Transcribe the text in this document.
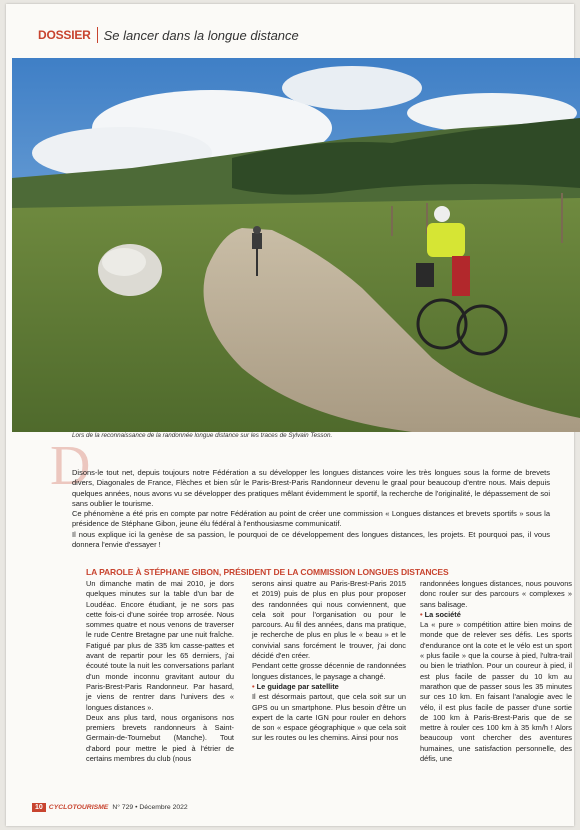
DOSSIER Se lancer dans la longue distance
Lors de la reconnaissance de la randonnée longue distance sur les traces de Sylvain Tesson.
D

Disons-le tout net, depuis toujours notre Fédération a su développer les longues distances voire les très longues sous la forme de brevets divers, Diagonales de France, Flèches et bien sûr le Paris-Brest-Paris Randonneur devenu le graal pour beaucoup d'entre nous. Mais depuis quelques années, nous avons vu se développer des pratiques mêlant évidemment le sportif, la recherche de l'originalité, le dépassement de soi sans oublier le tourisme.

Ce phénomène a été pris en compte par notre Fédération au point de créer une commission « Longues distances et brevets sportifs » sous la présidence de Stéphane Gibon, jeune élu fédéral à l'enthousiasme communicatif.

Il nous explique ici la genèse de sa passion, le pourquoi de ce développement des longues distances, les projets. Et pourquoi pas, il vous donnera l'envie d'essayer !

LA PAROLE À STÉPHANE GIBON, PRÉSIDENT DE LA COMMISSION LONGUES DISTANCES

Un dimanche matin de mai 2010, je dors quelques minutes sur la table d'un bar de Loudéac. Encore étudiant, je ne sors pas cette fois-ci d'une soirée trop arrosée. Nous sommes quatre et nous venons de traverser le rude Centre Bretagne par une nuit fraîche. Fatigué par plus de 335 km casse-pattes et avant de repartir pour les 65 derniers, j'ai écouté toute la nuit les conversations parlant d'un monde inconnu gravitant autour du Paris-Brest-Paris Randonneur. Par hasard, je viens de rentrer dans l'univers des « longues distances ».

Deux ans plus tard, nous organisons nos premiers brevets randonneurs à Saint-Germain-de-Tournebut (Manche). Tout d'abord pour mettre le pied à l'étrier de certains membres du club (nous

serons ainsi quatre au Paris-Brest-Paris 2015 et 2019) puis de plus en plus pour proposer des randonnées qui nous conviennent, que cela soit pour l'organisation ou pour le parcours. Au fil des années, dans ma pratique, je recherche de plus en plus le « beau » et le convivial sans forcément le trouver, j'ai donc décidé d'en créer.

Pendant cette grosse décennie de randonnées longues distances, le paysage a changé.

• Le guidage par satellite

Il est désormais partout, que cela soit sur un GPS ou un smartphone. Plus besoin d'être un expert de la carte IGN pour rouler en dehors de son « espace géographique » que cela soit sur les routes ou les chemins. Ainsi pour nos

randonnées longues distances, nous pouvons donc rouler sur des parcours « complexes » sans balisage.

• La société

La « pure » compétition attire bien moins de monde que de relever ses défis. Les sports d'endurance ont la cote et le vélo est un sport « plus facile » que la course à pied, l'ultra-trail ou bien le triathlon. Pour un coureur à pied, il est plus facile de passer du 10 km au marathon que de passer sous les 35 minutes sur ces 10 km. En faisant l'analogie avec le vélo, il est plus facile de passer d'une sortie de 100 km à Paris-Brest-Paris que de se mettre à rouler ces 100 km à 35 km/h ! Alors beaucoup vont chercher des aventures humaines, une satisfaction personnelle, des défis, une

10 CYCLOTOURISME N° 729 • Décembre 2022
